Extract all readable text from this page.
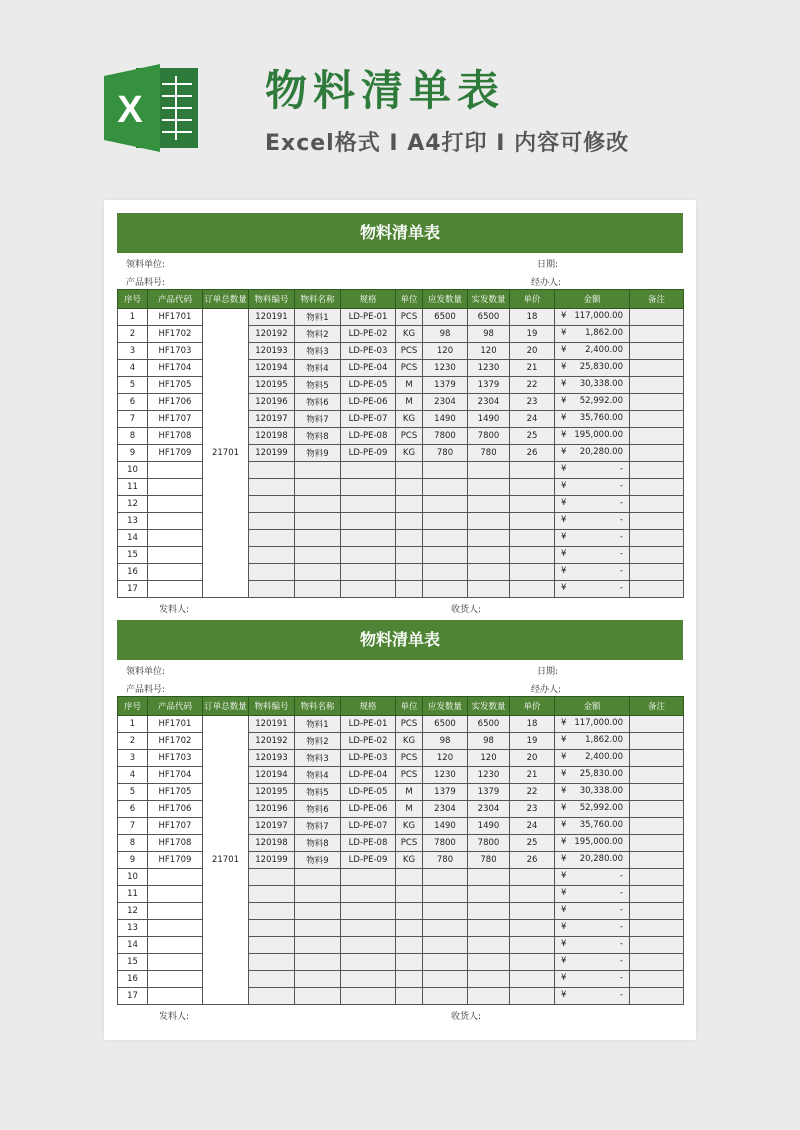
X	物料清单表
Excel格式 I A4打印 I 内容可修改
物料清单表
领料单位:	日期:
产品料号:	经办人:
序号	产品代码	订单总数量	物料编号	物料名称	规格	单位	应发数量	实发数量	单价	金额	备注
1	HF1701	21701	120191	物料1	LD-PE-01	PCS	6500	6500	18	¥ 117,000.00	

2	HF1702		120192	物料2	LD-PE-02	KG	98	98	19	¥ 1,862.00	

3	HF1703		120193	物料3	LD-PE-03	PCS	120	120	20	¥ 2,400.00	

4	HF1704		120194	物料4	LD-PE-04	PCS	1230	1230	21	¥ 25,830.00	

5	HF1705		120195	物料5	LD-PE-05	M	1379	1379	22	¥ 30,338.00	

6	HF1706		120196	物料6	LD-PE-06	M	2304	2304	23	¥ 52,992.00	

7	HF1707		120197	物料7	LD-PE-07	KG	1490	1490	24	¥ 35,760.00	

8	HF1708		120198	物料8	LD-PE-08	PCS	7800	7800	25	¥ 195,000.00	

9	HF1709		120199	物料9	LD-PE-09	KG	780	780	26	¥ 20,280.00	

10										¥ -	

11										¥ -	

12										¥ -	

13										¥ -	

14										¥ -	

15										¥ -	

16										¥ -	

17										¥ -	

发料人:	收货人:
物料清单表
领料单位:	日期:
产品料号:	经办人:
序号	产品代码	订单总数量	物料编号	物料名称	规格	单位	应发数量	实发数量	单价	金额	备注
1	HF1701	21701	120191	物料1	LD-PE-01	PCS	6500	6500	18	¥ 117,000.00	

2	HF1702		120192	物料2	LD-PE-02	KG	98	98	19	¥ 1,862.00	

3	HF1703		120193	物料3	LD-PE-03	PCS	120	120	20	¥ 2,400.00	

4	HF1704		120194	物料4	LD-PE-04	PCS	1230	1230	21	¥ 25,830.00	

5	HF1705		120195	物料5	LD-PE-05	M	1379	1379	22	¥ 30,338.00	

6	HF1706		120196	物料6	LD-PE-06	M	2304	2304	23	¥ 52,992.00	

7	HF1707		120197	物料7	LD-PE-07	KG	1490	1490	24	¥ 35,760.00	

8	HF1708		120198	物料8	LD-PE-08	PCS	7800	7800	25	¥ 195,000.00	

9	HF1709		120199	物料9	LD-PE-09	KG	780	780	26	¥ 20,280.00	

10										¥ -	

11										¥ -	

12										¥ -	

13										¥ -	

14										¥ -	

15										¥ -	

16										¥ -	

17										¥ -	

发料人:	收货人:
